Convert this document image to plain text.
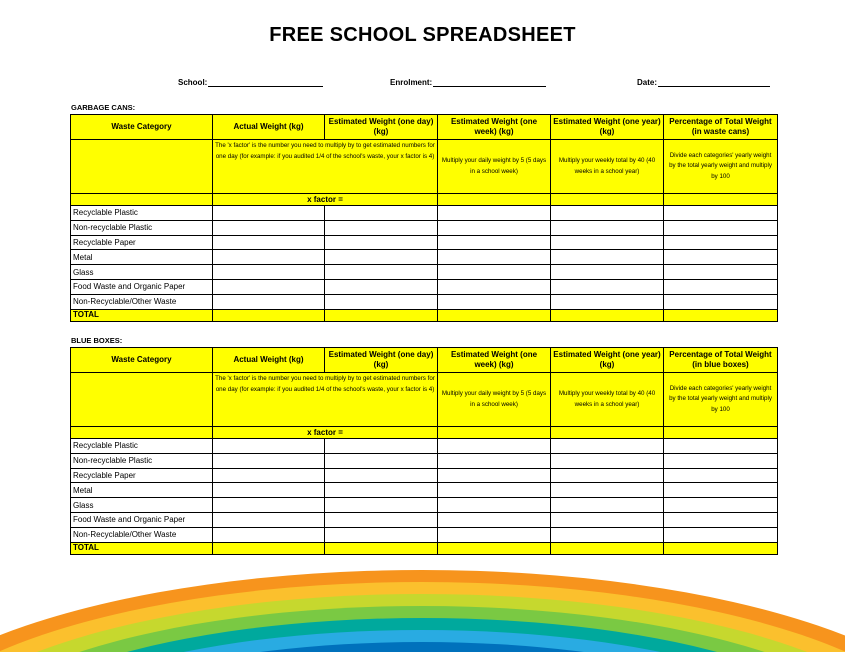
FREE SCHOOL SPREADSHEET
School:	Enrolment:	Date:
GARBAGE CANS:
Waste Category	Actual Weight (kg)	Estimated Weight (one day) (kg)	Estimated Weight (one week) (kg)	Estimated Weight (one year) (kg)	Percentage of Total Weight (in waste cans)
	The 'x factor' is the number you need to multiply by to get estimated numbers for one day (for example: if you audited 1/4 of the school's waste, your x factor is 4)		Multiply your daily weight by 5 (5 days in a school week)	Multiply your weekly total by 40 (40 weeks in a school year)	Divide each categories' yearly weight by the total yearly weight and multiply by 100
	x factor =				
Recyclable Plastic					
Non-recyclable Plastic					
Recyclable Paper					
Metal					
Glass					
Food Waste and Organic Paper					
Non-Recyclable/Other Waste					
TOTAL					
BLUE BOXES:
Waste Category	Actual Weight (kg)	Estimated Weight (one day) (kg)	Estimated Weight (one week) (kg)	Estimated Weight (one year) (kg)	Percentage of Total Weight (in blue boxes)
	The 'x factor' is the number you need to multiply by to get estimated numbers for one day (for example: if you audited 1/4 of the school's waste, your x factor is 4)		Multiply your daily weight by 5 (5 days in a school week)	Multiply your weekly total by 40 (40 weeks in a school year)	Divide each categories' yearly weight by the total yearly weight and multiply by 100
	x factor =				
Recyclable Plastic					
Non-recyclable Plastic					
Recyclable Paper					
Metal					
Glass					
Food Waste and Organic Paper					
Non-Recyclable/Other Waste					
TOTAL					
